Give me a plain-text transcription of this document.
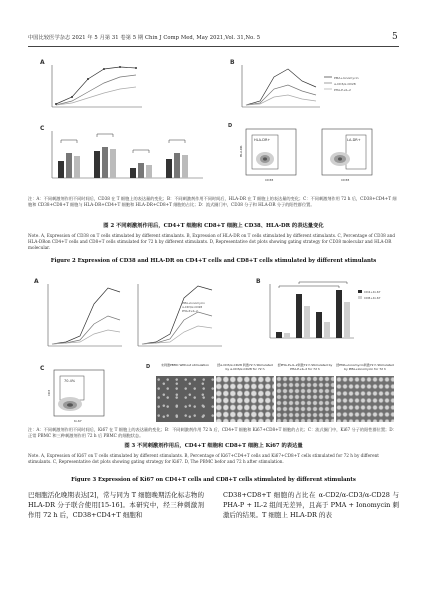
中国比较医学杂志 2021 年 5 月第 31 卷第 5 期 Chin J Comp Med, May 2021,Vol. 31,No. 5	5
A	B
PMA+Ionomycin
α-CD3/α-CD28
PHA-P+IL-2
C	D
HLA-DR+
HLA-DR
CD38
LA-DR+
CD38
注：A：不同刺激剂作用不同时间后，CD38 在 T 细胞上的表达量的变化；B：不同刺激剂作用不同时间后，HLA-DR 在 T 细胞上的表达量的变化；C：不同刺激剂作用 72 h 后，CD38+CD4+T 细胞和 CD38+CD8+T 细胞与 HLA-DR+CD4+T 细胞和 HLA-DR+CD8+T 细胞的占比；D：流式圈门中，CD38 分子和 HLA-DR 分子的阳性群位置。
图 2 不同刺激剂作用后，CD4+T 细胞和 CD8+T 细胞上 CD38、HLA-DR 的表达量变化
Note. A, Expression of CD38 on T cells stimulated by different stimulants. B, Expression of HLA-DR on T cells stimulated by different stimulants. C, Percentage of CD38 and HLA-DRon CD4+T cells and CD8+T cells stimulated for 72 h by different stimulants. D, Representative dot plots showing gating strategy for CD38 molecular and HLA-DR molecular.
Figure 2 Expression of CD38 and HLA-DR on CD4+T cells and CD8+T cells stimulated by different stimulants
A
PMA+Ionomycin
α-CD3/α-CD28
PHA-P+IL-2
B
CD4+Ki-67
CD8+Ki-67
C
70.4%
CD3
Ki-67
D	未刺激PBMC Without stimulation	经α-CD3/α-CD28 刺激72 h Stimulated by α-CD3/α-CD28 for 72 h
经PHA-P+IL-2刺激72 h Stimulated by PHA-P+IL-2 for 72 h
经PMA+Ionomycin刺激72 h Stimulated by PMA+Ionomycin for 72 h
注：A：不同刺激剂作用不同时间后，Ki67 在 T 细胞上的表达量的变化；B：不同刺激剂作用 72 h 后，CD4+T 细胞和 Ki67+CD8+T 细胞的占比；C：流式圈门中，Ki67 分子的阳性群位置；D：正常 PBMC 和三种刺激剂作用 72 h 后 PBMC 的细胞状态。
图 3 不同刺激剂作用后，CD4+T 细胞和 CD8+T 细胞上 Ki67 的表达量
Note. A, Expression of Ki67 on T cells stimulated by different stimulants. B, Percentage of Ki67+CD4+T cells and Ki67+CD8+T cells stimulated for 72 h by different stimulants. C, Representative dot plots showing gating strategy for Ki67. D, The PBMC befor and 72 h after stimulation.
Figure 3 Expression of Ki67 on CD4+T cells and CD8+T cells stimulated by different stimulants
巴细胞活化晚期表达[2]，常与同为 T 细胞晚期活化标志物的 HLA-DR 分子联合使用[15-16]。本研究中，经三种刺激剂作用 72 h 后，CD38+CD4+T 细胞和
CD38+CD8+T 细胞的占比在 α-CD2/α-CD3/α-CD28 与 PHA-P + IL-2 组间无差异，且高于 PMA + Ionomycin 刺激后的结果。T 细胞上 HLA-DR 的表
